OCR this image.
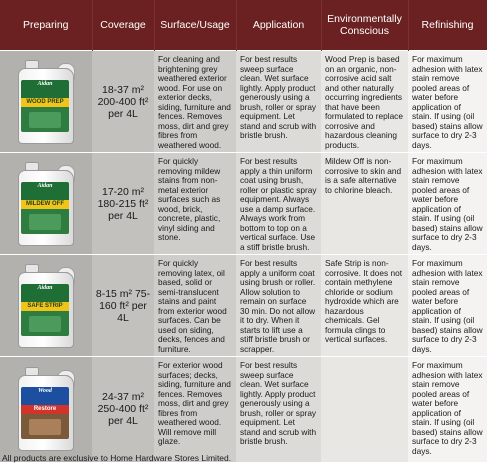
Preparing	Coverage	Surface/Usage	Application	Environmentally Conscious	Refinishing

Aidan
WOOD PREP	18-37 m² 200-400 ft² per 4L	For cleaning and brightening grey weathered exterior wood. For use on exterior decks, siding, furniture and fences. Removes moss, dirt and grey fibres from weathered wood.	For best results sweep surface clean. Wet surface lightly. Apply product generously using a brush, roller or spray equipment. Let stand and scrub with bristle brush.	Wood Prep is based on an organic, non-corrosive acid salt and other naturally occurring ingredients that have been formulated to replace corrosive and hazardous cleaning products.	For maximum adhesion with latex stain remove pooled areas of water before application of stain. If using (oil based) stains allow surface to dry 2-3 days.

Aidan
MILDEW OFF	17-20 m² 180-215 ft² per 4L	For quickly removing mildew stains from non-metal exterior surfaces such as wood, brick, concrete, plastic, vinyl siding and stone.	For best results apply a thin uniform coat using brush, roller or plastic spray equipment. Always use a damp surface. Always work from bottom to top on a vertical surface. Use a stiff bristle brush.	Mildew Off is non-corrosive to skin and is a safe alternative to chlorine bleach.	For maximum adhesion with latex stain remove pooled areas of water before application of stain. If using (oil based) stains allow surface to dry 2-3 days.

Aidan
SAFE STRIP	8-15 m² 75-160 ft² per 4L	For quickly removing latex, oil based, solid or semi-translucent stains and paint from exterior wood surfaces. Can be used on siding, decks, fences and furniture.	For best results apply a uniform coat using brush or roller. Allow solution to remain on surface 30 min. Do not allow it to dry. When it starts to lift use a stiff bristle brush or scrapper.	Safe Strip is non-corrosive. It does not contain methylene chloride or sodium hydroxide which are hazardous chemicals. Gel formula clings to vertical surfaces.	For maximum adhesion with latex stain remove pooled areas of water before application of stain. If using (oil based) stains allow surface to dry 2-3 days.

Wood
Restore	24-37 m² 250-400 ft² per 4L	For exterior wood surfaces; decks, siding, furniture and fences. Removes moss, dirt and grey fibres from weathered wood. Will remove mill glaze.	For best results sweep surface clean. Wet surface lightly. Apply product generously using a brush, roller or spray equipment. Let stand and scrub with bristle brush.		For maximum adhesion with latex stain remove pooled areas of water before application of stain. If using (oil based) stains allow surface to dry 2-3 days.
All products are exclusive to Home Hardware Stores Limited.
